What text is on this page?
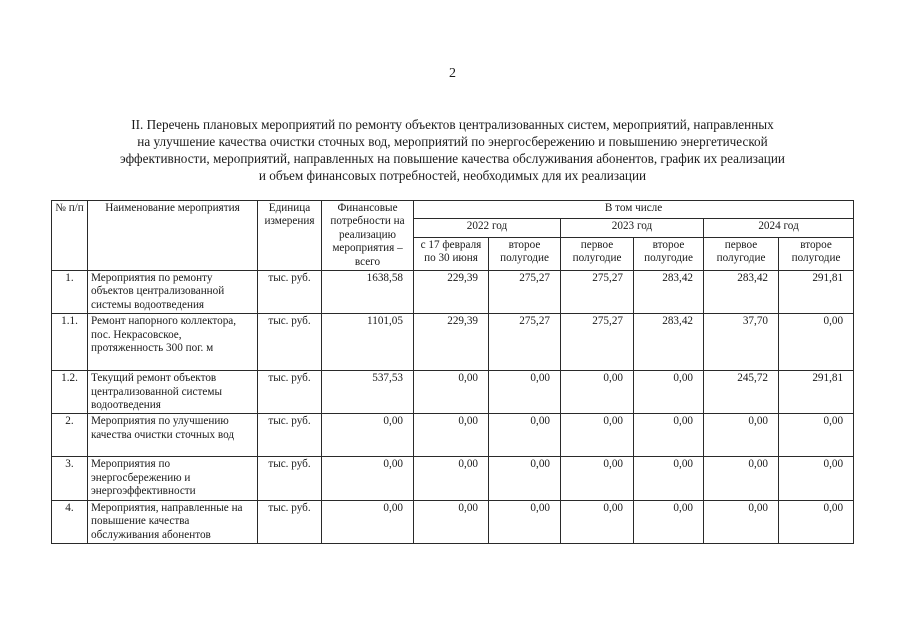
2
II. Перечень плановых мероприятий по ремонту объектов централизованных систем, мероприятий, направленных
на улучшение качества очистки сточных вод, мероприятий по энергосбережению и повышению энергетической
эффективности, мероприятий, направленных на повышение качества обслуживания абонентов, график их реализации
и объем финансовых потребностей, необходимых для их реализации
№ п/п	Наименование мероприятия	Единица измерения	Финансовые потребности на реализацию мероприятия – всего	В том числе					
				2022 год		2023 год		2024 год	
				с 17 февраля по 30 июня	второе полугодие	первое полугодие	второе полугодие	первое полугодие	второе полугодие
1.	Мероприятия по ремонту объектов централизованной системы водоотведения	тыс. руб.	1638,58	229,39	275,27	275,27	283,42	283,42	291,81
1.1.	Ремонт напорного коллектора, пос. Некрасовское, протяженность 300 пог. м	тыс. руб.	1101,05	229,39	275,27	275,27	283,42	37,70	0,00
1.2.	Текущий ремонт объектов централизованной системы водоотведения	тыс. руб.	537,53	0,00	0,00	0,00	0,00	245,72	291,81
2.	Мероприятия по улучшению качества очистки сточных вод	тыс. руб.	0,00	0,00	0,00	0,00	0,00	0,00	0,00
3.	Мероприятия по энергосбережению и энергоэффективности	тыс. руб.	0,00	0,00	0,00	0,00	0,00	0,00	0,00
4.	Мероприятия, направленные на повышение качества обслуживания абонентов	тыс. руб.	0,00	0,00	0,00	0,00	0,00	0,00	0,00
